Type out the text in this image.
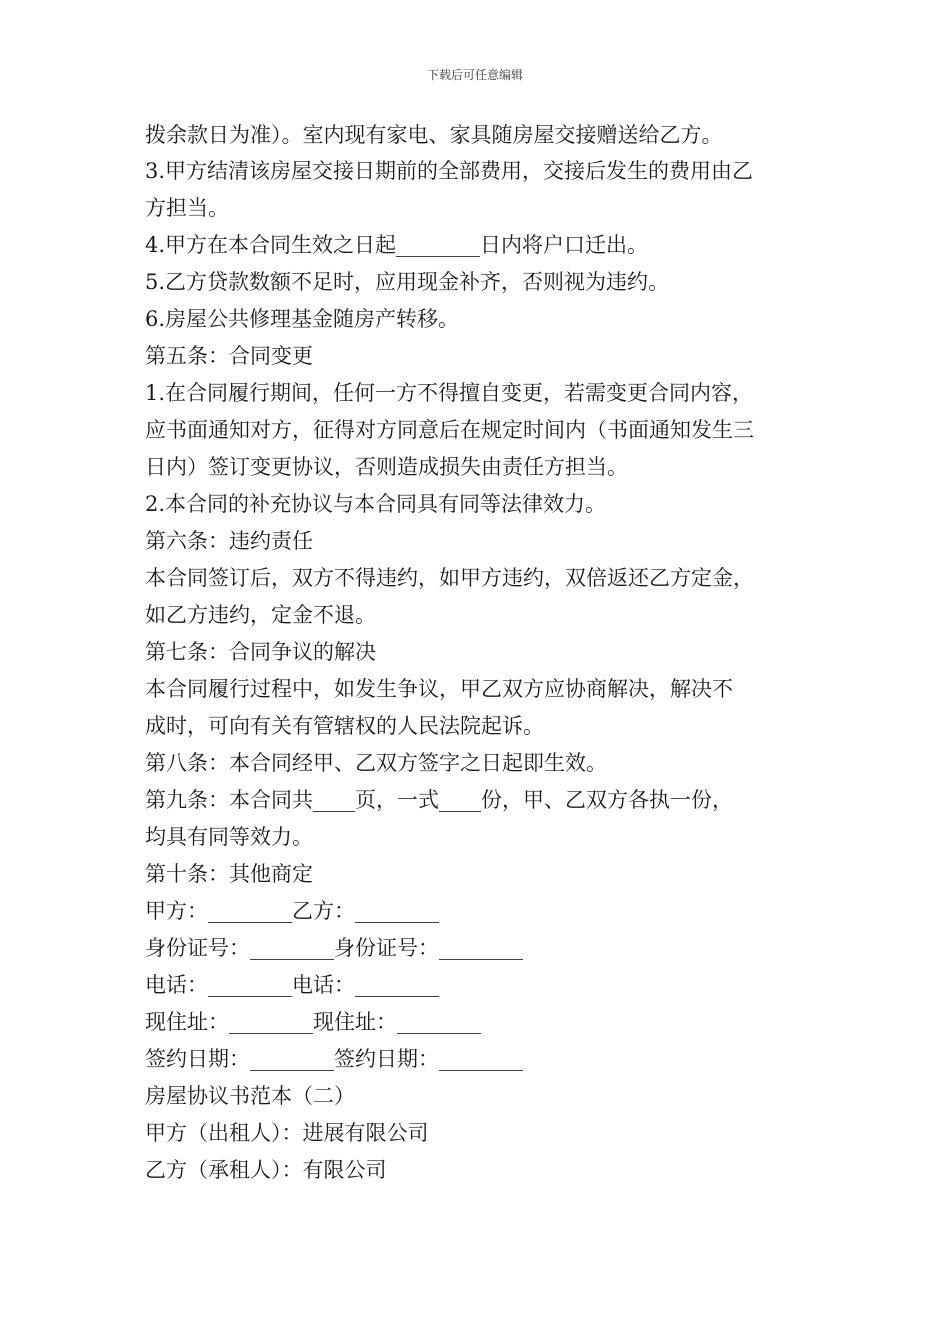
下载后可任意编辑
拨余款日为准）。室内现有家电、家具随房屋交接赠送给乙方。
3.甲方结清该房屋交接日期前的全部费用，交接后发生的费用由乙
方担当。
4.甲方在本合同生效之日起________日内将户口迁出。
5.乙方贷款数额不足时，应用现金补齐，否则视为违约。
6.房屋公共修理基金随房产转移。
第五条：合同变更
1.在合同履行期间，任何一方不得擅自变更，若需变更合同内容，
应书面通知对方，征得对方同意后在规定时间内（书面通知发生三
日内）签订变更协议，否则造成损失由责任方担当。
2.本合同的补充协议与本合同具有同等法律效力。
第六条：违约责任
本合同签订后，双方不得违约，如甲方违约，双倍返还乙方定金，
如乙方违约，定金不退。
第七条：合同争议的解决
本合同履行过程中，如发生争议，甲乙双方应协商解决，解决不
成时，可向有关有管辖权的人民法院起诉。
第八条：本合同经甲、乙双方签字之日起即生效。
第九条：本合同共____页，一式____份，甲、乙双方各执一份，
均具有同等效力。
第十条：其他商定
甲方：________乙方：________
身份证号：________身份证号：________
电话：________电话：________
现住址：________现住址：________
签约日期：________签约日期：________
房屋协议书范本（二）
甲方（出租人）：进展有限公司
乙方（承租人）：有限公司
